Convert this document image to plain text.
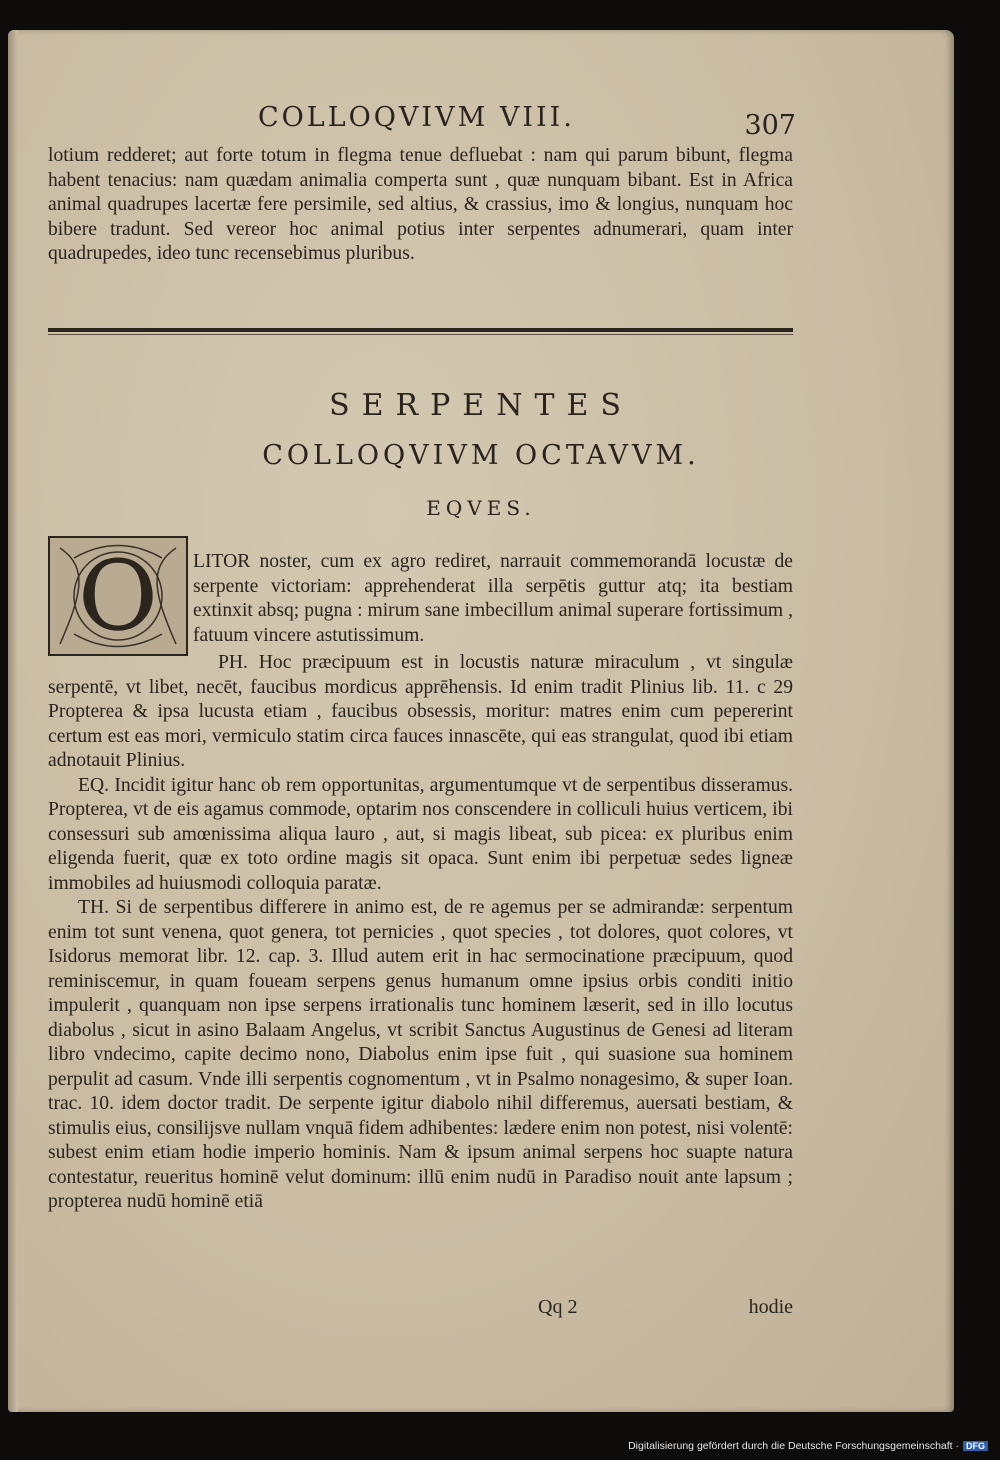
COLLOQVIVM VIII.	307

lotium redderet; aut forte totum in flegma tenue defluebat : nam qui parum bibunt, flegma habent tenacius: nam quædam animalia comperta sunt , quæ nunquam bibant. Est in Africa animal quadrupes lacertæ fere persimile, sed altius, & crassius, imo & longius, nunquam hoc bibere tradunt. Sed vereor hoc animal potius inter serpentes adnumerari, quam inter quadrupedes, ideo tunc recensebimus pluribus.

SERPENTES
COLLOQVIVM OCTAVVM.
EQVES.
O	LITOR noster, cum ex agro rediret, narrauit commemorandā locustæ de serpente victoriam: apprehenderat illa serpētis guttur atq; ita bestiam extinxit absq; pugna : mirum sane imbecillum animal superare fortissimum , fatuum vincere astutissimum.

PH. Hoc præcipuum est in locustis naturæ miraculum , vt singulæ serpentē, vt libet, necēt, faucibus mordicus apprēhensis. Id enim tradit Plinius lib. 11. c 29 Propterea & ipsa lucusta etiam , faucibus obsessis, moritur: matres enim cum pepererint certum est eas mori, vermiculo statim circa fauces innascēte, qui eas strangulat, quod ibi etiam adnotauit Plinius.

EQ. Incidit igitur hanc ob rem opportunitas, argumentumque vt de serpentibus disseramus. Propterea, vt de eis agamus commode, optarim nos conscendere in colliculi huius verticem, ibi consessuri sub amœnissima aliqua lauro , aut, si magis libeat, sub picea: ex pluribus enim eligenda fuerit, quæ ex toto ordine magis sit opaca. Sunt enim ibi perpetuæ sedes ligneæ immobiles ad huiusmodi colloquia paratæ.

TH. Si de serpentibus differere in animo est, de re agemus per se admirandæ: serpentum enim tot sunt venena, quot genera, tot pernicies , quot species , tot dolores, quot colores, vt Isidorus memorat libr. 12. cap. 3. Illud autem erit in hac sermocinatione præcipuum, quod reminiscemur, in quam foueam serpens genus humanum omne ipsius orbis conditi initio impulerit , quanquam non ipse serpens irrationalis tunc hominem læserit, sed in illo locutus diabolus , sicut in asino Balaam Angelus, vt scribit Sanctus Augustinus de Genesi ad literam libro vndecimo, capite decimo nono, Diabolus enim ipse fuit , qui suasione sua hominem perpulit ad casum. Vnde illi serpentis cognomentum , vt in Psalmo nonagesimo, & super Ioan. trac. 10. idem doctor tradit. De serpente igitur diabolo nihil differemus, auersati bestiam, & stimulis eius, consilijsve nullam vnquā fidem adhibentes: lædere enim non potest, nisi volentē: subest enim etiam hodie imperio hominis. Nam & ipsum animal serpens hoc suapte natura contestatur, reueritus hominē velut dominum: illū enim nudū in Paradiso nouit ante lapsum ; propterea nudū hominē etiā

Qq 2	hodie
Digitalisierung gefördert durch die Deutsche Forschungsgemeinschaft · DFG
